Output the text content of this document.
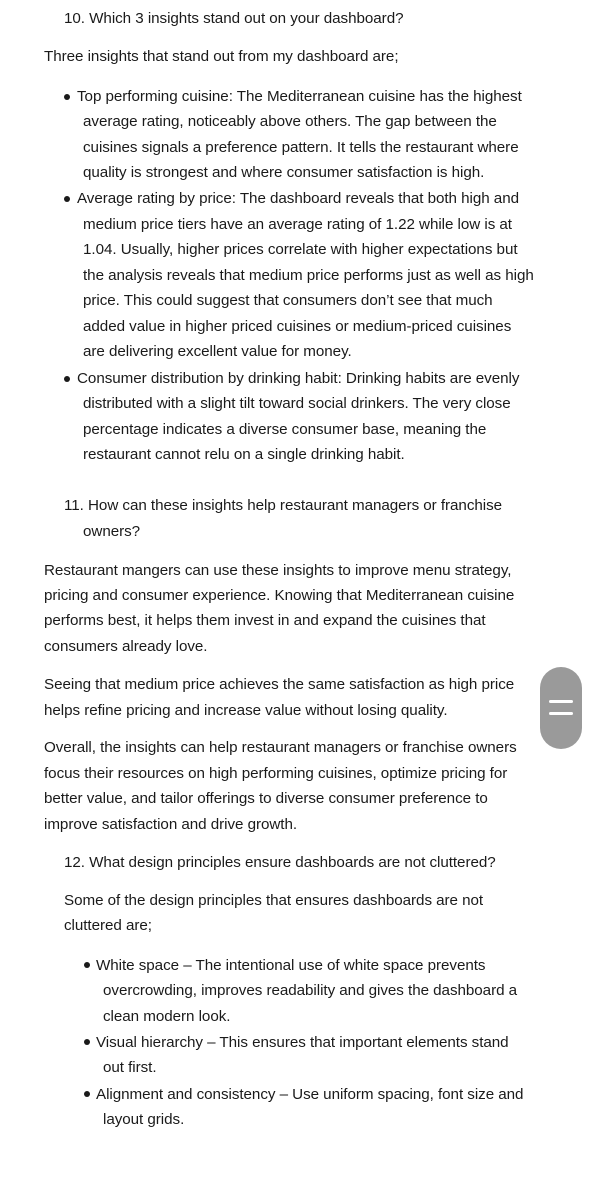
10. Which 3 insights stand out on your dashboard?
Three insights that stand out from my dashboard are;
Top performing cuisine: The Mediterranean cuisine has the highest
average rating, noticeably above others. The gap between the
cuisines signals a preference pattern. It tells the restaurant where
quality is strongest and where consumer satisfaction is high.
Average rating by price: The dashboard reveals that both high and
medium price tiers have an average rating of 1.22 while low is at
1.04. Usually, higher prices correlate with higher expectations but
the analysis reveals that medium price performs just as well as high
price. This could suggest that consumers don’t see that much
added value in higher priced cuisines or medium-priced cuisines
are delivering excellent value for money.
Consumer distribution by drinking habit: Drinking habits are evenly
distributed with a slight tilt toward social drinkers. The very close
percentage indicates a diverse consumer base, meaning the
restaurant cannot relu on a single drinking habit.
11. How can these insights help restaurant managers or franchise
owners?
Restaurant mangers can use these insights to improve menu strategy,
pricing and consumer experience. Knowing that Mediterranean cuisine
performs best, it helps them invest in and expand the cuisines that
consumers already love.
Seeing that medium price achieves the same satisfaction as high price
helps refine pricing and increase value without losing quality.
Overall, the insights can help restaurant managers or franchise owners
focus their resources on high performing cuisines, optimize pricing for
better value, and tailor offerings to diverse consumer preference to
improve satisfaction and drive growth.
12. What design principles ensure dashboards are not cluttered?
Some of the design principles that ensures dashboards are not
cluttered are;
White space – The intentional use of white space prevents
overcrowding, improves readability and gives the dashboard a
clean modern look.
Visual hierarchy – This ensures that important elements stand
out first.
Alignment and consistency – Use uniform spacing, font size and
layout grids.
